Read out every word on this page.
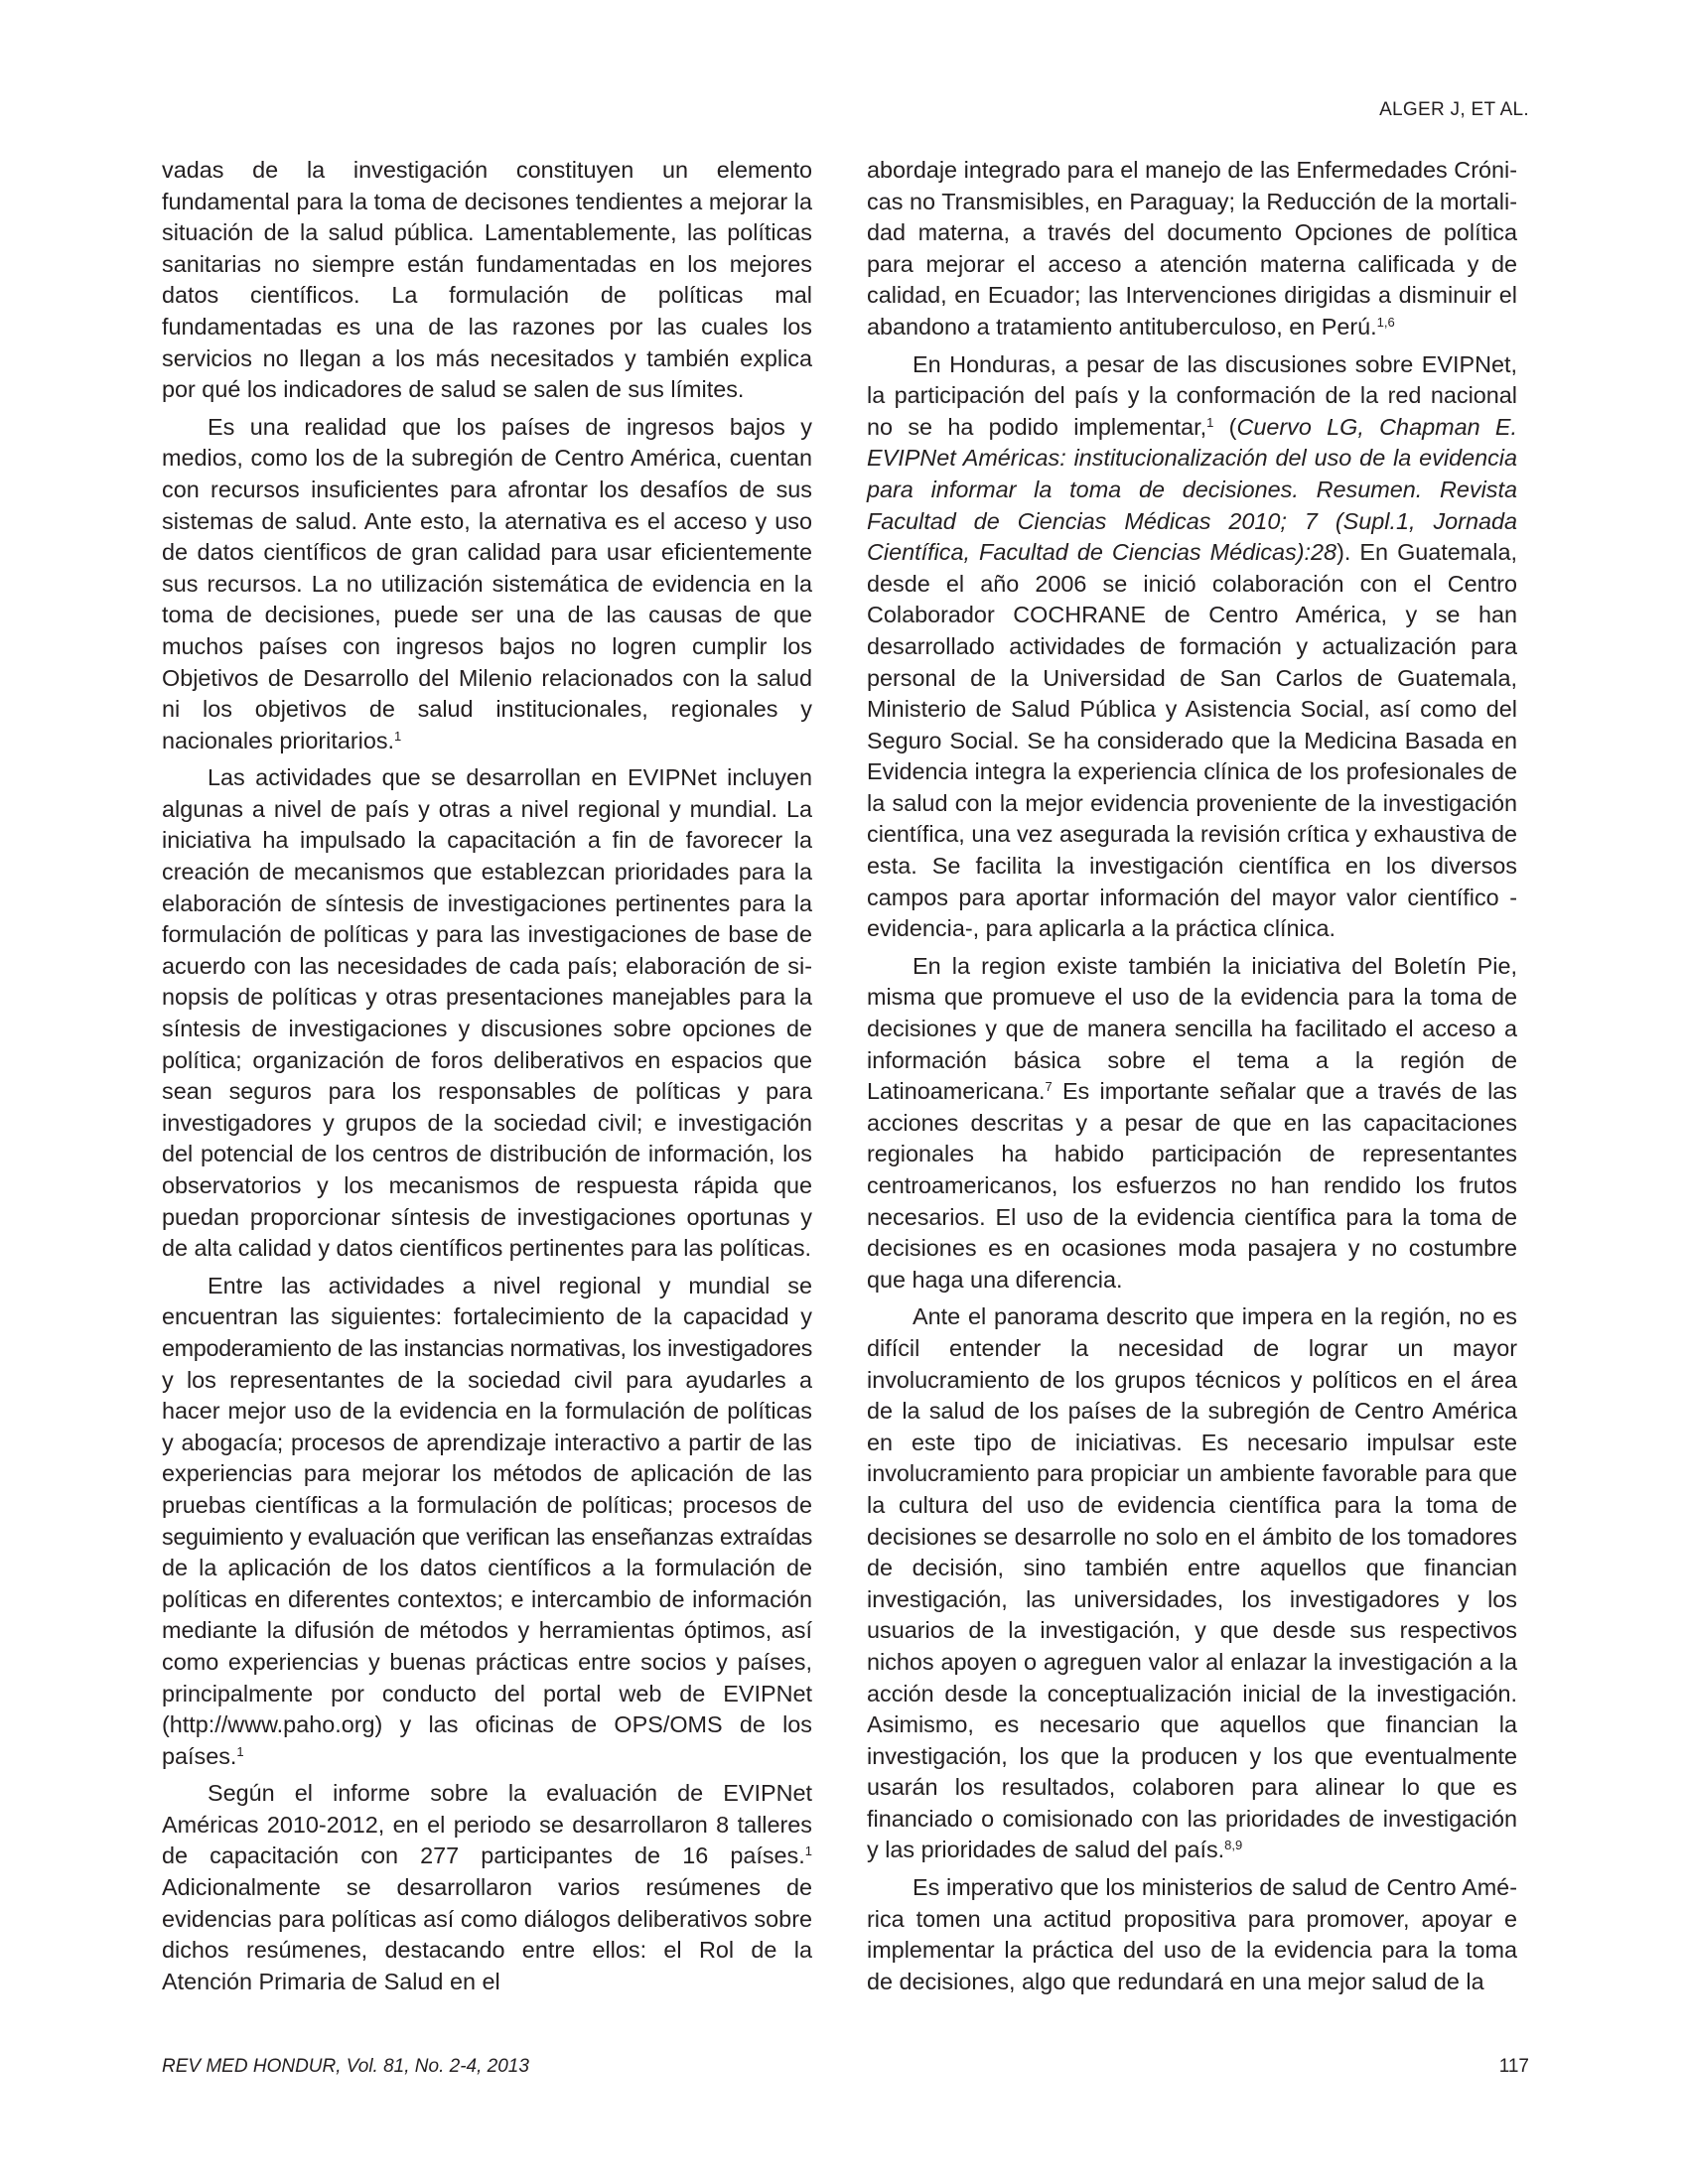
ALGER J, ET AL.

vadas de la investigación constituyen un elemento fundamental para la toma de decisones tendientes a mejorar la situación de la salud pública. Lamentablemente, las políticas sanitarias no siempre están fundamentadas en los mejores datos científicos. La formulación de políticas mal fundamentadas es una de las razones por las cuales los servicios no llegan a los más necesitados y también explica por qué los indicadores de salud se salen de sus límites.

Es una realidad que los países de ingresos bajos y medios, como los de la subregión de Centro América, cuentan con recursos insuficientes para afrontar los desafíos de sus sistemas de salud. Ante esto, la aternativa es el acceso y uso de datos científicos de gran calidad para usar eficientemente sus recursos. La no utilización sistemática de evidencia en la toma de decisiones, puede ser una de las causas de que muchos países con ingresos bajos no logren cumplir los Objetivos de Desarrollo del Milenio relacionados con la salud ni los objetivos de salud institucionales, regionales y nacionales prioritarios.$^1$

Las actividades que se desarrollan en EVIPNet incluyen algunas a nivel de país y otras a nivel regional y mundial. La iniciativa ha impulsado la capacitación a fin de favorecer la creación de mecanismos que establezcan prioridades para la elaboración de síntesis de investigaciones pertinentes para la formulación de políticas y para las investigaciones de base de acuerdo con las necesidades de cada país; elaboración de sinopsis de políticas y otras presentaciones manejables para la síntesis de investigaciones y discusiones sobre opciones de política; organización de foros deliberativos en espacios que sean seguros para los responsables de políticas y para investigadores y grupos de la sociedad civil; e investigación del potencial de los centros de distribución de información, los observatorios y los mecanismos de respuesta rápida que puedan proporcionar síntesis de investigaciones oportunas y de alta calidad y datos científicos pertinentes para las políticas.

Entre las actividades a nivel regional y mundial se encuentran las siguientes: fortalecimiento de la capacidad y empoderamiento de las instancias normativas, los investigadores y los representantes de la sociedad civil para ayudarles a hacer mejor uso de la evidencia en la formulación de políticas y abogacía; procesos de aprendizaje interactivo a partir de las experiencias para mejorar los métodos de aplicación de las pruebas científicas a la formulación de políticas; procesos de seguimiento y evaluación que verifican las enseñanzas extraídas de la aplicación de los datos científicos a la formulación de políticas en diferentes contextos; e intercambio de información mediante la difusión de métodos y herramientas óptimos, así como experiencias y buenas prácticas entre socios y países, principalmente por conducto del portal web de EVIPNet (http://www.paho.org) y las oficinas de OPS/OMS de los países.$^1$

Según el informe sobre la evaluación de EVIPNet Américas 2010-2012, en el periodo se desarrollaron 8 talleres de capacitación con 277 participantes de 16 países.$^1$ Adicionalmente se desarrollaron varios resúmenes de evidencias para políticas así como diálogos deliberativos sobre dichos resúmenes, destacando entre ellos: el Rol de la Atención Primaria de Salud en el

abordaje integrado para el manejo de las Enfermedades Crónicas no Transmisibles, en Paraguay; la Reducción de la mortalidad materna, a través del documento Opciones de política para mejorar el acceso a atención materna calificada y de calidad, en Ecuador; las Intervenciones dirigidas a disminuir el abandono a tratamiento antituberculoso, en Perú.$^{1,6}$

En Honduras, a pesar de las discusiones sobre EVIPNet, la participación del país y la conformación de la red nacional no se ha podido implementar,$^1$ (Cuervo LG, Chapman E. EVIPNet Américas: institucionalización del uso de la evidencia para informar la toma de decisiones. Resumen. Revista Facultad de Ciencias Médicas 2010; 7 (Supl.1, Jornada Científica, Facultad de Ciencias Médicas):28). En Guatemala, desde el año 2006 se inició colaboración con el Centro Colaborador COCHRANE de Centro América, y se han desarrollado actividades de formación y actualización para personal de la Universidad de San Carlos de Guatemala, Ministerio de Salud Pública y Asistencia Social, así como del Seguro Social. Se ha considerado que la Medicina Basada en Evidencia integra la experiencia clínica de los profesionales de la salud con la mejor evidencia proveniente de la investigación científica, una vez asegurada la revisión crítica y exhaustiva de esta. Se facilita la investigación científica en los diversos campos para aportar información del mayor valor científico -evidencia-, para aplicarla a la práctica clínica.

En la region existe también la iniciativa del Boletín Pie, misma que promueve el uso de la evidencia para la toma de decisiones y que de manera sencilla ha facilitado el acceso a información básica sobre el tema a la región de Latinoamericana.$^7$ Es importante señalar que a través de las acciones descritas y a pesar de que en las capacitaciones regionales ha habido participación de representantes centroamericanos, los esfuerzos no han rendido los frutos necesarios. El uso de la evidencia científica para la toma de decisiones es en ocasiones moda pasajera y no costumbre que haga una diferencia.

Ante el panorama descrito que impera en la región, no es difícil entender la necesidad de lograr un mayor involucramiento de los grupos técnicos y políticos en el área de la salud de los países de la subregión de Centro América en este tipo de iniciativas. Es necesario impulsar este involucramiento para propiciar un ambiente favorable para que la cultura del uso de evidencia científica para la toma de decisiones se desarrolle no solo en el ámbito de los tomadores de decisión, sino también entre aquellos que financian investigación, las universidades, los investigadores y los usuarios de la investigación, y que desde sus respectivos nichos apoyen o agreguen valor al enlazar la investigación a la acción desde la conceptualización inicial de la investigación. Asimismo, es necesario que aquellos que financian la investigación, los que la producen y los que eventualmente usarán los resultados, colaboren para alinear lo que es financiado o comisionado con las prioridades de investigación y las prioridades de salud del país.$^{8,9}$

Es imperativo que los ministerios de salud de Centro América tomen una actitud propositiva para promover, apoyar e implementar la práctica del uso de la evidencia para la toma de decisiones, algo que redundará en una mejor salud de la

REV MED HONDUR, Vol. 81, No. 2-4, 2013	117
